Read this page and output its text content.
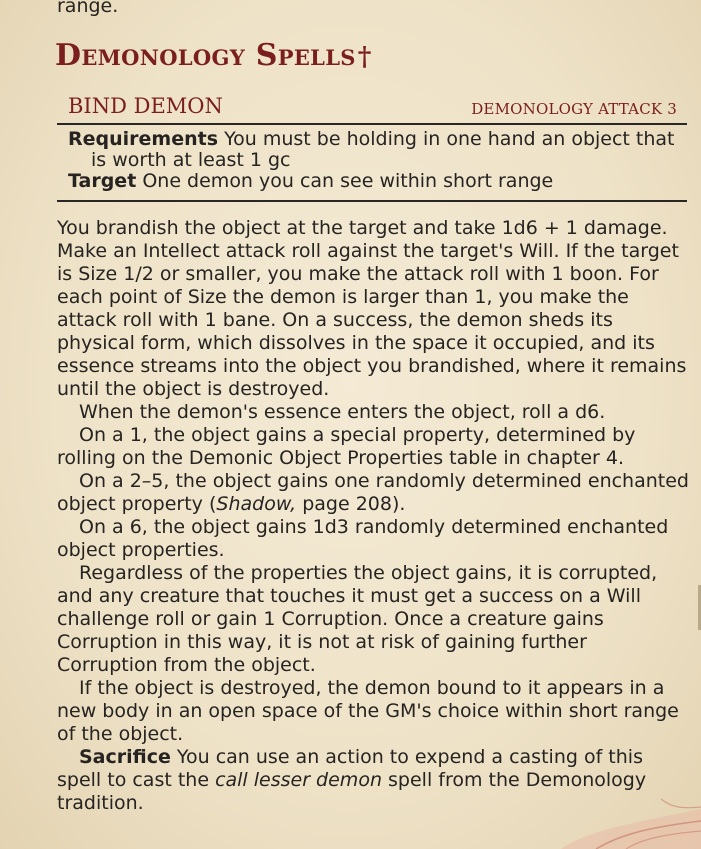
range.
Demonology Spells†
BIND DEMON	DEMONOLOGY ATTACK 3

Requirements You must be holding in one hand an object that is worth at least 1 gc

Target One demon you can see within short range

You brandish the object at the target and take 1d6 + 1 damage. Make an Intellect attack roll against the target's Will. If the target is Size 1/2 or smaller, you make the attack roll with 1 boon. For each point of Size the demon is larger than 1, you make the attack roll with 1 bane. On a success, the demon sheds its physical form, which dissolves in the space it occupied, and its essence streams into the object you brandished, where it remains until the object is destroyed.

When the demon's essence enters the object, roll a d6.

On a 1, the object gains a special property, determined by rolling on the Demonic Object Properties table in chapter 4.

On a 2–5, the object gains one randomly determined enchanted object property (Shadow, page 208).

On a 6, the object gains 1d3 randomly determined enchanted object properties.

Regardless of the properties the object gains, it is corrupted, and any creature that touches it must get a success on a Will challenge roll or gain 1 Corruption. Once a creature gains Corruption in this way, it is not at risk of gaining further Corruption from the object.

If the object is destroyed, the demon bound to it appears in a new body in an open space of the GM's choice within short range of the object.

Sacrifice You can use an action to expend a casting of this spell to cast the call lesser demon spell from the Demonology tradition.
